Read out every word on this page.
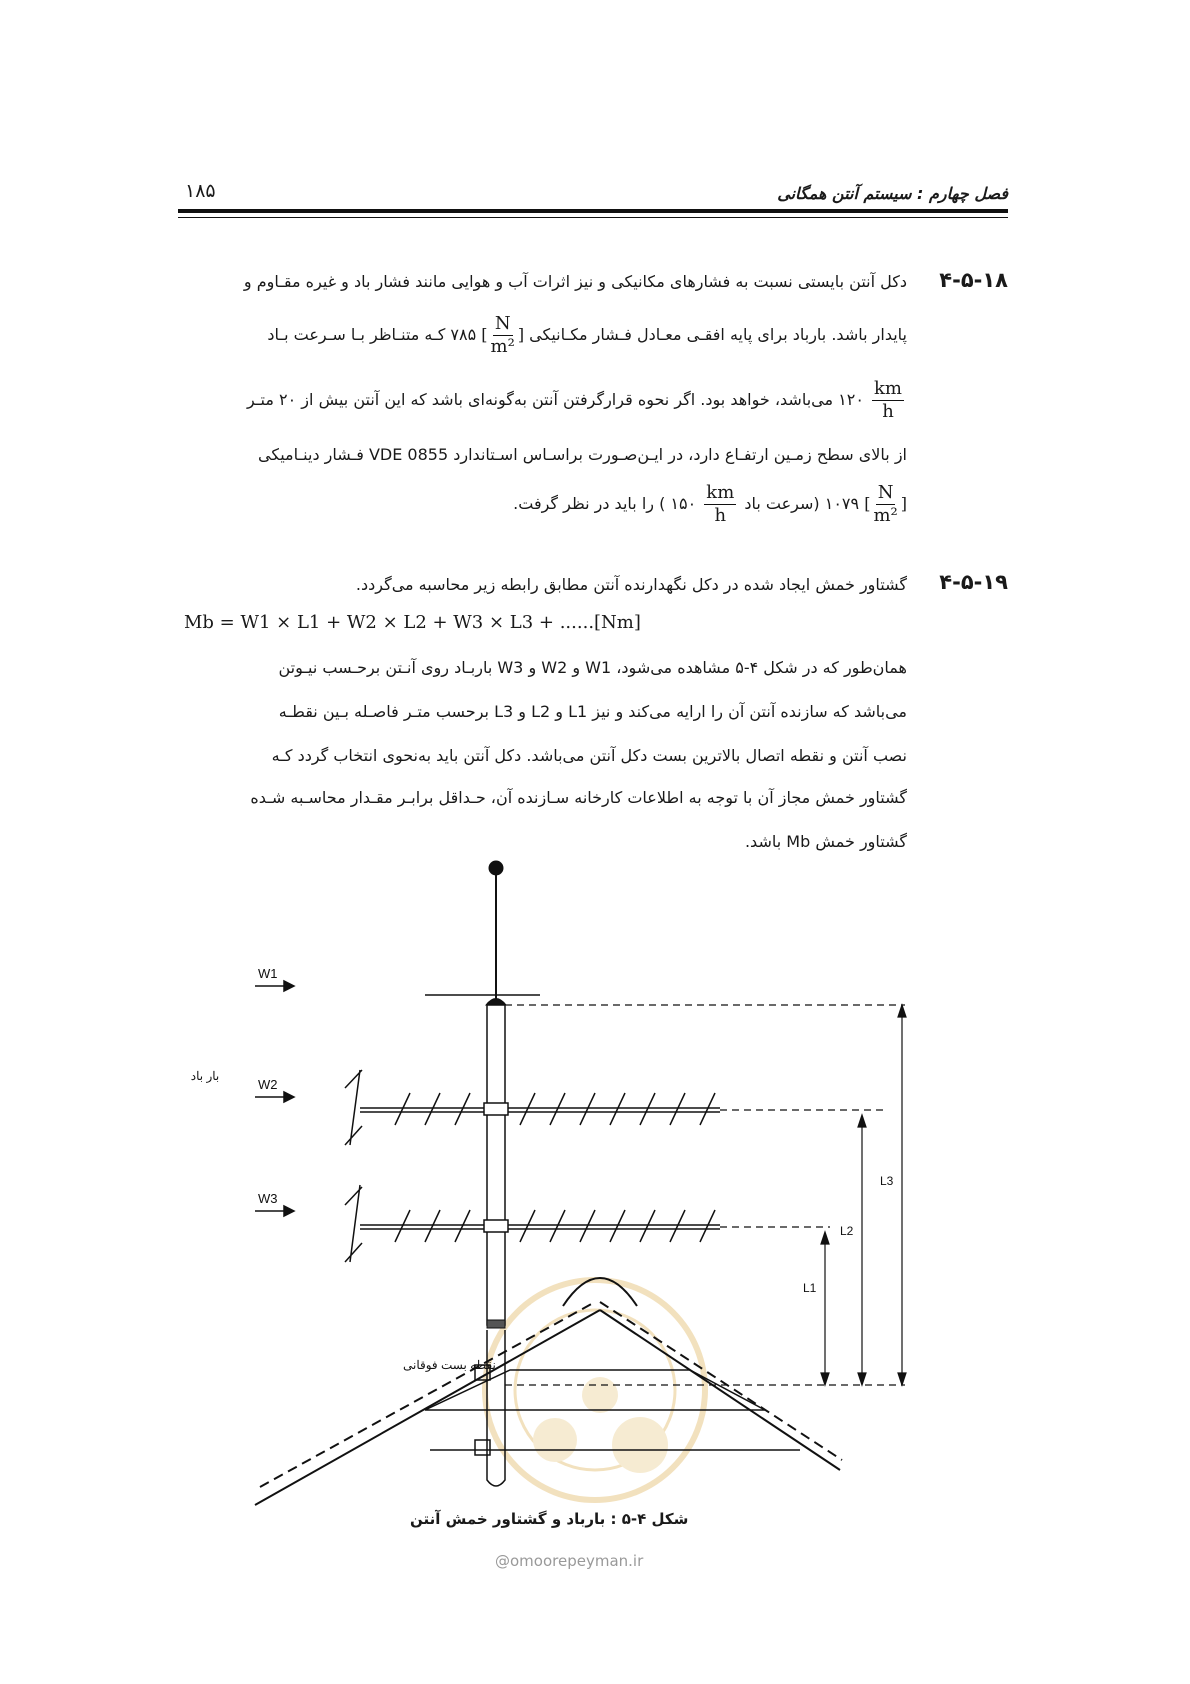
فصل چهارم : سیستم آنتن همگانی
۱۸۵
۴-۵-۱۸
دکل آنتن بایستی نسبت به فشارهای مکانیکی و نیز اثرات آب و هوایی مانند فشار باد و غیره مقـاوم و
پایدار باشد. بارباد برای پایه افقـی معـادل فـشار مکـانیکی [
$\frac{N}{\text{m²}}$
] ۷۸۵ کـه متنـاظر بـا سـرعت بـاد
$\frac{km}{h}$
۱۲۰ می‌باشد، خواهد بود. اگر نحوه قرارگرفتن آنتن به‌گونه‌ای باشد که این آنتن بیش از ۲۰ متـر
از بالای سطح زمـین ارتفـاع دارد، در ایـن‌صـورت براسـاس اسـتاندارد VDE 0855 فـشار دینـامیکی
[
$\frac{N}{\text{m²}}$
] ۱۰۷۹ (سرعت باد
$\frac{km}{h}$
۱۵۰ ) را باید در نظر گرفت.
۴-۵-۱۹
گشتاور خمش ایجاد شده در دکل نگهدارنده آنتن مطابق رابطه زیر محاسبه می‌گردد.
Mb = W1 × L1 + W2 × L2 + W3 × L3 + ......[Nm]
همان‌طور که در شکل ۴-۵ مشاهده می‌شود، W1 و W2 و W3 باربـاد روی آنـتن برحـسب نیـوتن
می‌باشد که سازنده آنتن آن را ارایه می‌کند و نیز L1 و L2 و L3 برحسب متـر فاصـله بـین نقطـه
نصب آنتن و نقطه اتصال بالاترین بست دکل آنتن می‌باشد. دکل آنتن باید به‌نحوی انتخاب گردد کـه
گشتاور خمش مجاز آن با توجه به اطلاعات کارخانه سـازنده آن، حـداقل برابـر مقـدار محاسـبه شـده
گشتاور خمش Mb باشد.
W1
W2
W3
بار باد
L3
L2
L1
نقطه بست فوقانی
شکل ۴-۵ : بارباد و گشتاور خمش آنتن
@omoorepeyman.ir
